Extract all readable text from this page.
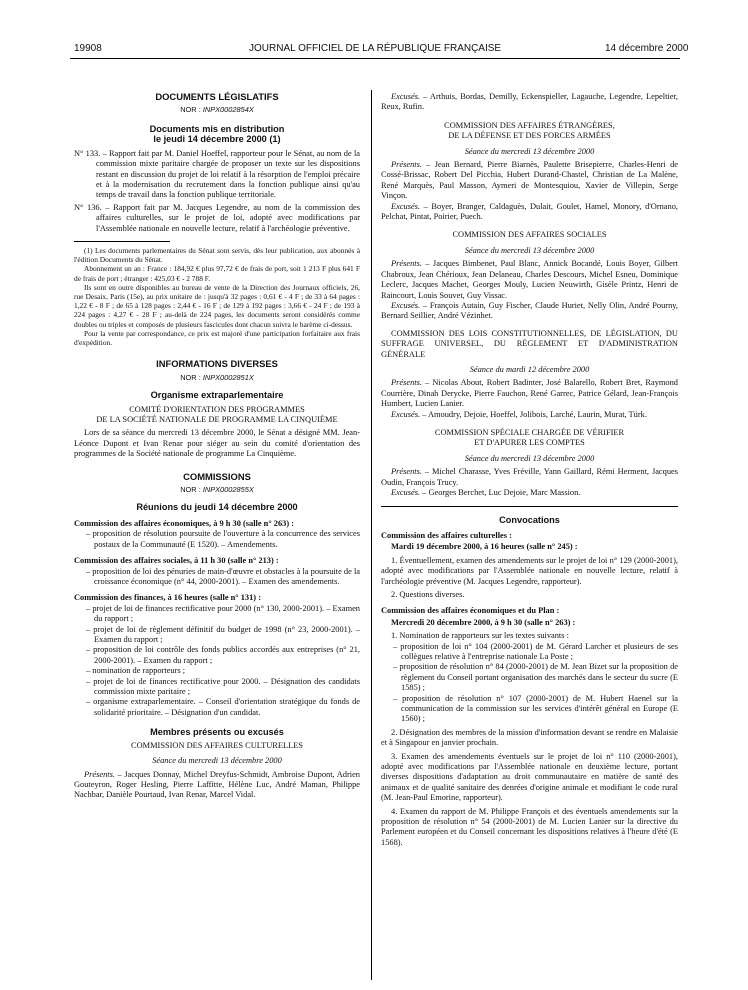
19908	JOURNAL OFFICIEL DE LA RÉPUBLIQUE FRANÇAISE	14 décembre 2000
DOCUMENTS LÉGISLATIFS
NOR : INPX0002854X
Documents mis en distribution
le jeudi 14 décembre 2000 (1)

N° 133. – Rapport fait par M. Daniel Hoeffel, rapporteur pour le Sénat, au nom de la commission mixte paritaire chargée de proposer un texte sur les dispositions restant en discussion du projet de loi relatif à la résorption de l'emploi précaire et à la modernisation du recrutement dans la fonction publique ainsi qu'au temps de travail dans la fonction publique territoriale.

N° 136. – Rapport fait par M. Jacques Legendre, au nom de la commission des affaires culturelles, sur le projet de loi, adopté avec modifications par l'Assemblée nationale en nouvelle lecture, relatif à l'archéologie préventive.

(1) Les documents parlementaires du Sénat sont servis, dès leur publication, aux abonnés à l'édition Documents du Sénat.

Abonnement un an : France : 184,92 € plus 97,72 € de frais de port, soit 1 213 F plus 641 F de frais de port ; étranger : 425,03 € - 2 788 F.

Ils sont en outre disponibles au bureau de vente de la Direction des Journaux officiels, 26, rue Desaix, Paris (15e), au prix unitaire de : jusqu'à 32 pages : 0,61 € - 4 F ; de 33 à 64 pages : 1,22 € - 8 F ; de 65 à 128 pages : 2,44 € - 16 F ; de 129 à 192 pages : 3,66 € - 24 F ; de 193 à 224 pages : 4,27 € - 28 F ; au-delà de 224 pages, les documents seront considérés comme doubles ou triples et composés de plusieurs fascicules dont chacun suivra le barème ci-dessus.

Pour la vente par correspondance, ce prix est majoré d'une participation forfaitaire aux frais d'expédition.

INFORMATIONS DIVERSES
NOR : INPX0002851X
Organisme extraparlementaire
COMITÉ D'ORIENTATION DES PROGRAMMES
DE LA SOCIÉTÉ NATIONALE DE PROGRAMME LA CINQUIÈME

Lors de sa séance du mercredi 13 décembre 2000, le Sénat a désigné MM. Jean-Léonce Dupont et Ivan Renar pour siéger au sein du comité d'orientation des programmes de la Société nationale de programme La Cinquième.

COMMISSIONS
NOR : INPX0002855X
Réunions du jeudi 14 décembre 2000

Commission des affaires économiques, à 9 h 30 (salle n° 263) :

– proposition de résolution poursuite de l'ouverture à la concurrence des services postaux de la Communauté (E 1520). – Amendements.

Commission des affaires sociales, à 11 h 30 (salle n° 213) :

– proposition de loi des pénuries de main-d'œuvre et obstacles à la poursuite de la croissance économique (n° 44, 2000-2001). – Examen des amendements.

Commission des finances, à 16 heures (salle n° 131) :

– projet de loi de finances rectificative pour 2000 (n° 130, 2000-2001). – Examen du rapport ;

– projet de loi de règlement définitif du budget de 1998 (n° 23, 2000-2001). – Examen du rapport ;

– proposition de loi contrôle des fonds publics accordés aux entreprises (n° 21, 2000-2001). – Examen du rapport ;

– nomination de rapporteurs ;

– projet de loi de finances rectificative pour 2000. – Désignation des candidats commission mixte paritaire ;

– organisme extraparlementaire. – Conseil d'orientation stratégique du fonds de solidarité prioritaire. – Désignation d'un candidat.

Membres présents ou excusés
COMMISSION DES AFFAIRES CULTURELLES
Séance du mercredi 13 décembre 2000

Présents. – Jacques Donnay, Michel Dreyfus-Schmidt, Ambroise Dupont, Adrien Gouteyron, Roger Hesling, Pierre Laffitte, Hélène Luc, André Maman, Philippe Nachbar, Danièle Pourtaud, Ivan Renar, Marcel Vidal.

Excusés. – Arthuis, Bordas, Demilly, Eckenspieller, Lagauche, Legendre, Lepeltier, Reux, Rufin.

COMMISSION DES AFFAIRES ÉTRANGÈRES,
DE LA DÉFENSE ET DES FORCES ARMÉES
Séance du mercredi 13 décembre 2000

Présents. – Jean Bernard, Pierre Biarnès, Paulette Brisepierre, Charles-Henri de Cossé-Brissac, Robert Del Picchia, Hubert Durand-Chastel, Christian de La Malène, René Marquès, Paul Masson, Aymeri de Montesquiou, Xavier de Villepin, Serge Vinçon.

Excusés. – Boyer, Branger, Caldaguès, Dulait, Goulet, Hamel, Monory, d'Ornano, Pelchat, Pintat, Poirier, Puech.

COMMISSION DES AFFAIRES SOCIALES
Séance du mercredi 13 décembre 2000

Présents. – Jacques Bimbenet, Paul Blanc, Annick Bocandé, Louis Boyer, Gilbert Chabroux, Jean Chérioux, Jean Delaneau, Charles Descours, Michel Esneu, Dominique Leclerc, Jacques Machet, Georges Mouly, Lucien Neuwirth, Gisèle Printz, Henri de Raincourt, Louis Souvet, Guy Vissac.

Excusés. – François Autain, Guy Fischer, Claude Huriet, Nelly Olin, André Pourny, Bernard Seillier, André Vézinhet.

COMMISSION DES LOIS CONSTITUTIONNELLES, DE LÉGISLATION, DU SUFFRAGE UNIVERSEL, DU RÈGLEMENT ET D'ADMINISTRATION GÉNÉRALE

Séance du mardi 12 décembre 2000

Présents. – Nicolas About, Robert Badinter, José Balarello, Robert Bret, Raymond Courrière, Dinah Derycke, Pierre Fauchon, René Garrec, Patrice Gélard, Jean-François Humbert, Lucien Lanier.

Excusés. – Amoudry, Dejoie, Hoeffel, Jolibois, Larché, Laurin, Murat, Türk.

COMMISSION SPÉCIALE CHARGÉE DE VÉRIFIER
ET D'APURER LES COMPTES
Séance du mercredi 13 décembre 2000

Présents. – Michel Charasse, Yves Fréville, Yann Gaillard, Rémi Herment, Jacques Oudin, François Trucy.

Excusés. – Georges Berchet, Luc Dejoie, Marc Massion.

Convocations

Commission des affaires culturelles :

Mardi 19 décembre 2000, à 16 heures (salle n° 245) :

1. Éventuellement, examen des amendements sur le projet de loi n° 129 (2000-2001), adopté avec modifications par l'Assemblée nationale en nouvelle lecture, relatif à l'archéologie préventive (M. Jacques Legendre, rapporteur).

2. Questions diverses.

Commission des affaires économiques et du Plan :

Mercredi 20 décembre 2000, à 9 h 30 (salle n° 263) :

1. Nomination de rapporteurs sur les textes suivants :

– proposition de loi n° 104 (2000-2001) de M. Gérard Larcher et plusieurs de ses collègues relative à l'entreprise nationale La Poste ;

– proposition de résolution n° 84 (2000-2001) de M. Jean Bizet sur la proposition de règlement du Conseil portant organisation des marchés dans le secteur du sucre (E 1585) ;

– proposition de résolution n° 107 (2000-2001) de M. Hubert Haenel sur la communication de la commission sur les services d'intérêt général en Europe (E 1560) ;

2. Désignation des membres de la mission d'information devant se rendre en Malaisie et à Singapour en janvier prochain.

3. Examen des amendements éventuels sur le projet de loi n° 110 (2000-2001), adopté avec modifications par l'Assemblée nationale en deuxième lecture, portant diverses dispositions d'adaptation au droit communautaire en matière de santé des animaux et de qualité sanitaire des denrées d'origine animale et modifiant le code rural (M. Jean-Paul Emorine, rapporteur).

4. Examen du rapport de M. Philippe François et des éventuels amendements sur la proposition de résolution n° 54 (2000-2001) de M. Lucien Lanier sur la directive du Parlement européen et du Conseil concernant les dispositions relatives à l'heure d'été (E 1568).
